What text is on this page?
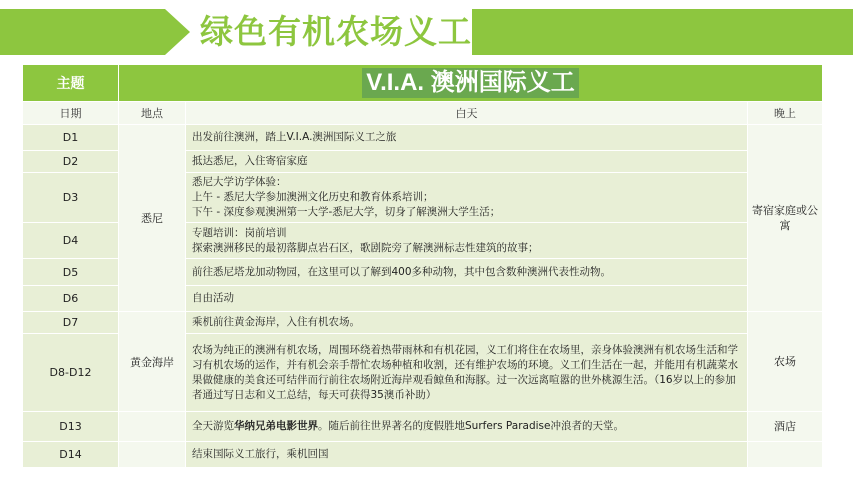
绿色有机农场义工
主题	V.I.A. 澳洲国际义工		
日期	地点	白天	晚上
D1	悉尼	出发前往澳洲，踏上V.I.A.澳洲国际义工之旅	寄宿家庭或公寓
D2		抵达悉尼，入住寄宿家庭	
D3		悉尼大学访学体验：
上午 - 悉尼大学参加澳洲文化历史和教育体系培训；
下午 - 深度参观澳洲第一大学-悉尼大学，切身了解澳洲大学生活；	

D4		专题培训：岗前培训
探索澳洲移民的最初落脚点岩石区，歌剧院旁了解澳洲标志性建筑的故事；	

D5		前往悉尼塔龙加动物园，在这里可以了解到400多种动物，其中包含数种澳洲代表性动物。	
D6		自由活动	
D7	黄金海岸	乘机前往黄金海岸，入住有机农场。	农场
D8-D12		农场为纯正的澳洲有机农场，周围环绕着热带雨林和有机花园，义工们将住在农场里，亲身体验澳洲有机农场生活和学习有机农场的运作，并有机会亲手帮忙农场种植和收割，还有维护农场的环境。义工们生活在一起，并能用有机蔬菜水果做健康的美食还可结伴而行前往农场附近海岸观看鲸鱼和海豚。过一次远离喧嚣的世外桃源生活。（16岁以上的参加者通过写日志和义工总结，每天可获得35澳币补助）	
D13		全天游览华纳兄弟电影世界。随后前往世界著名的度假胜地Surfers Paradise冲浪者的天堂。	酒店
D14		结束国际义工旅行，乘机回国	
